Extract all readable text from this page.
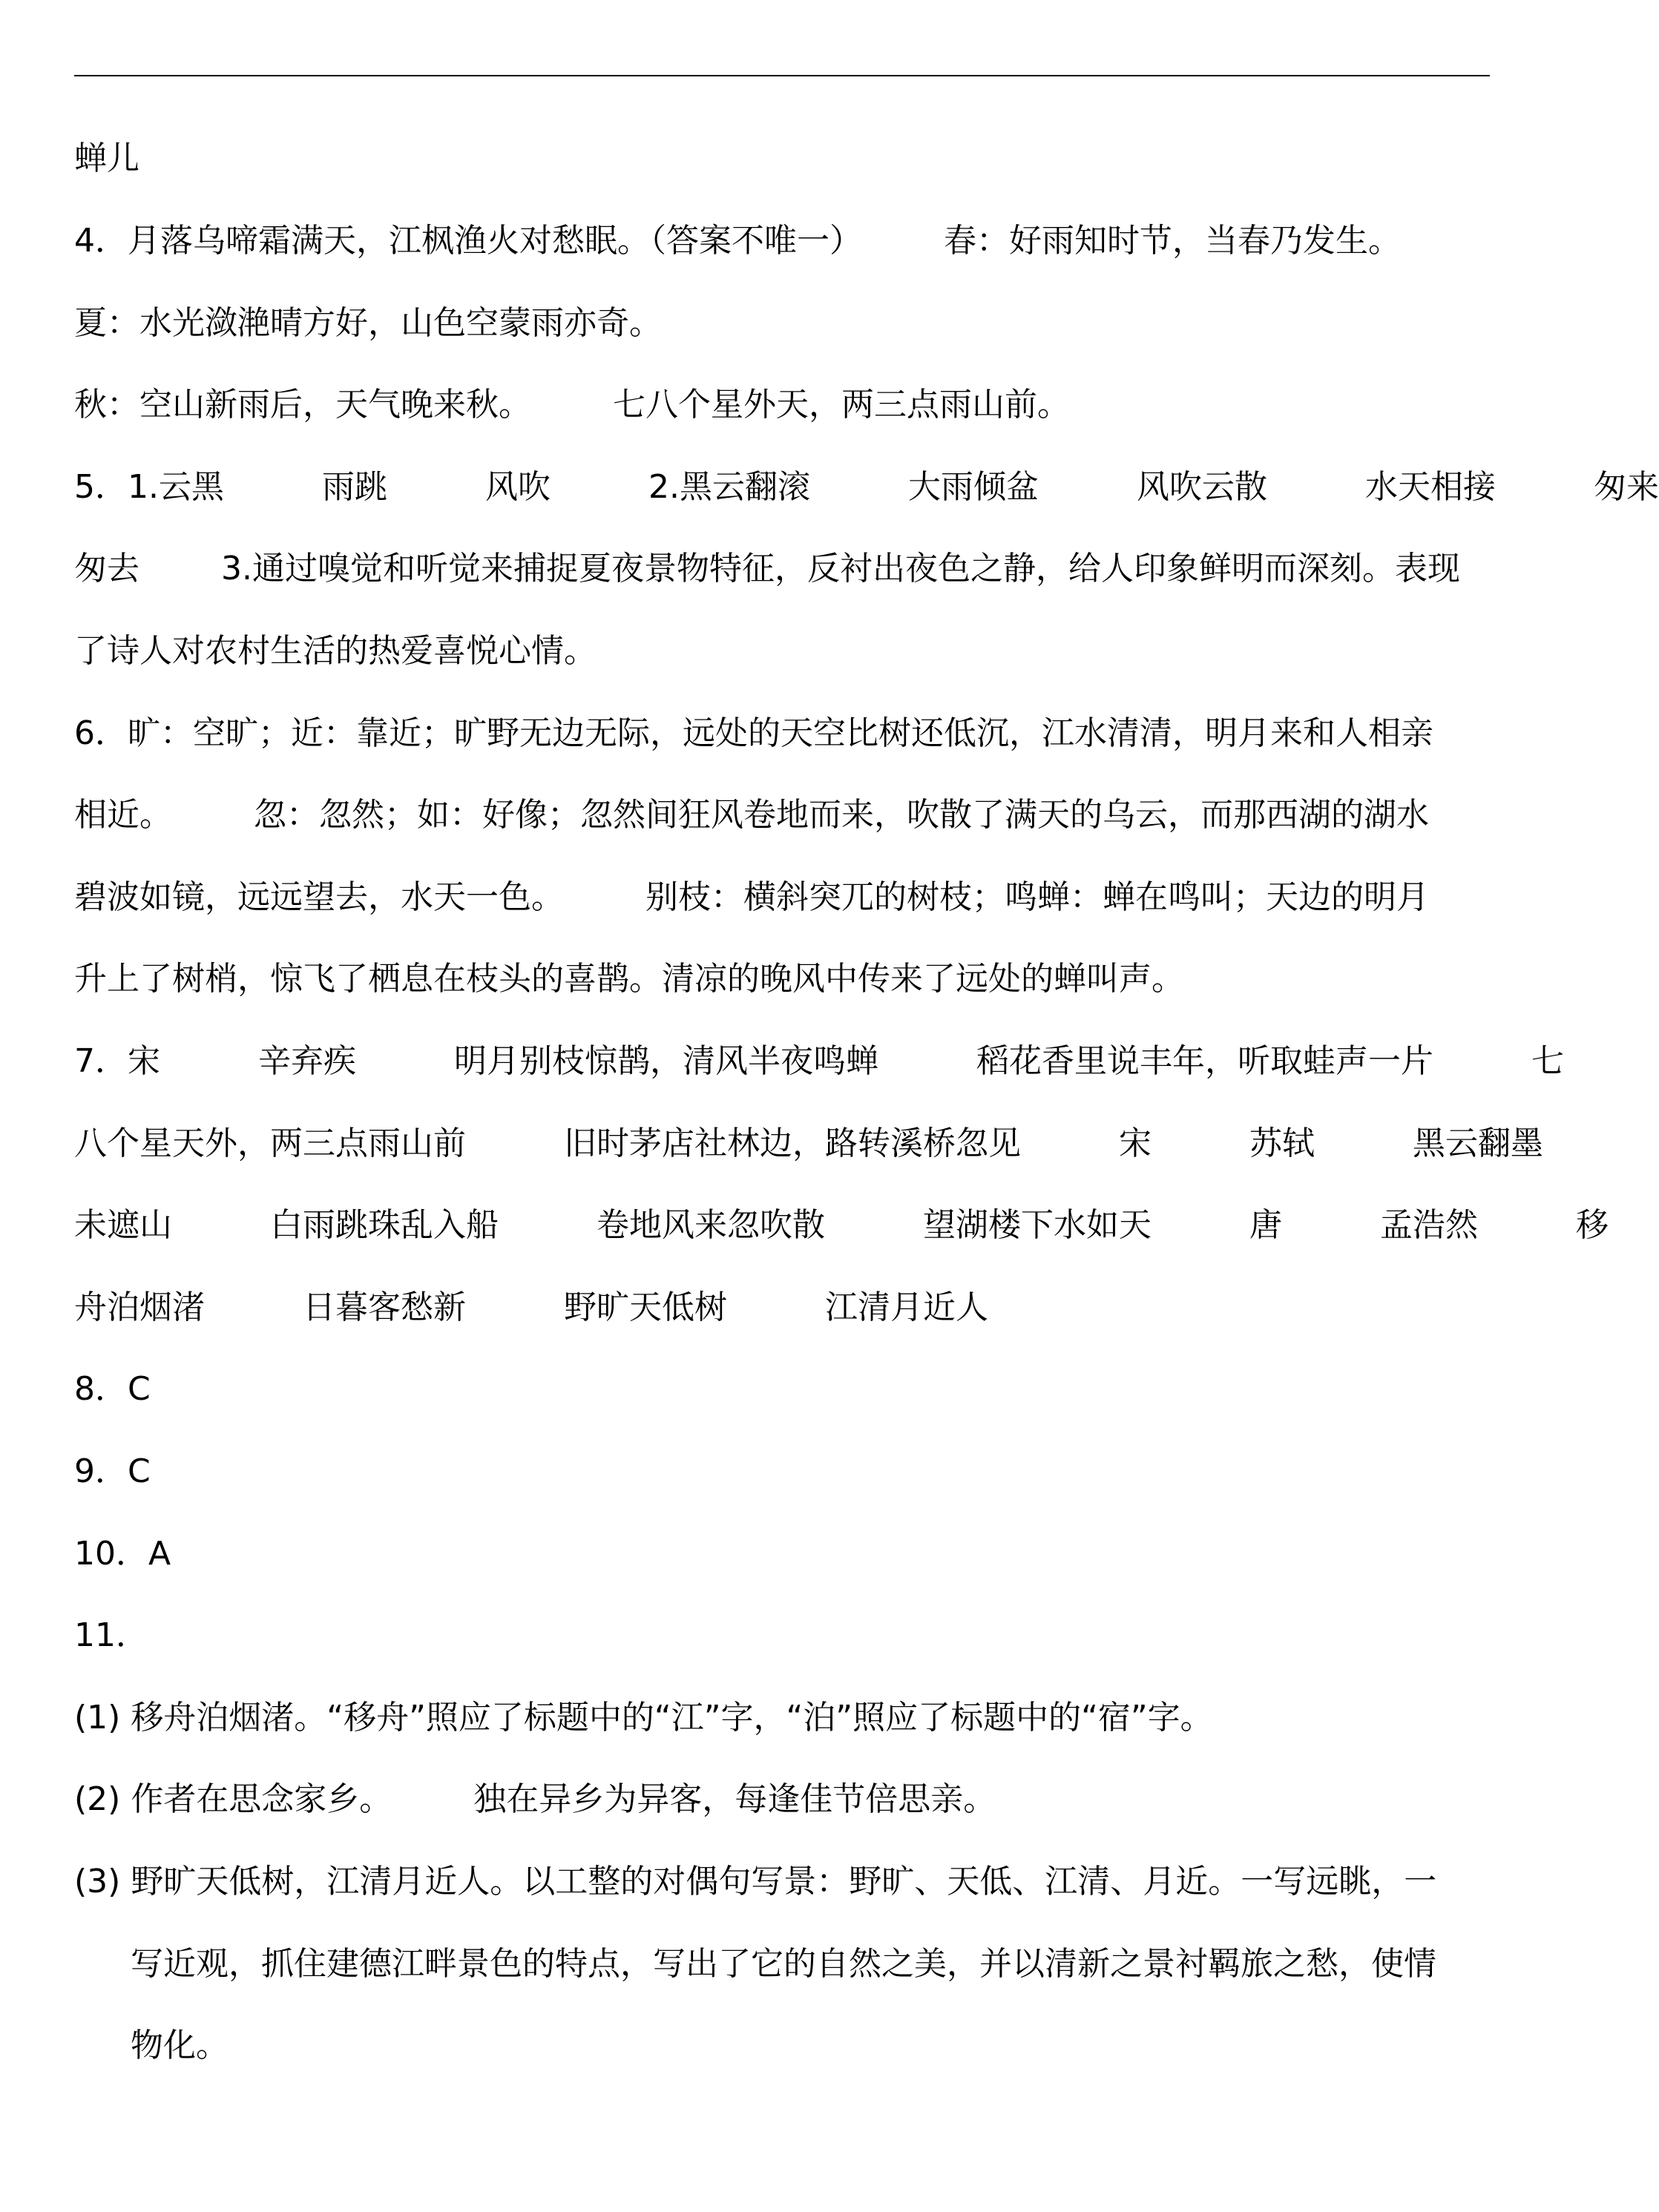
蝉儿
4．月落乌啼霜满天，江枫渔火对愁眠。（答案不唯一）	春：好雨知时节，当春乃发生。
夏：水光潋滟晴方好，山色空蒙雨亦奇。
秋：空山新雨后，天气晚来秋。	七八个星外天，两三点雨山前。
5．1.云黑　　　雨跳　　　风吹　　　2.黑云翻滚　　　大雨倾盆　　　风吹云散　　　水天相接　　　匆来
匆去	3.通过嗅觉和听觉来捕捉夏夜景物特征，反衬出夜色之静，给人印象鲜明而深刻。表现
了诗人对农村生活的热爱喜悦心情。
6．旷：空旷；近：靠近；旷野无边无际，远处的天空比树还低沉，江水清清，明月来和人相亲
相近。	忽：忽然；如：好像；忽然间狂风卷地而来，吹散了满天的乌云，而那西湖的湖水
碧波如镜，远远望去，水天一色。	别枝：横斜突兀的树枝；鸣蝉：蝉在鸣叫；天边的明月
升上了树梢，惊飞了栖息在枝头的喜鹊。清凉的晚风中传来了远处的蝉叫声。
7．宋　　　辛弃疾　　　明月别枝惊鹊，清风半夜鸣蝉　　　稻花香里说丰年，听取蛙声一片　　　七
八个星天外，两三点雨山前　　　旧时茅店社林边，路转溪桥忽见　　　宋　　　苏轼　　　黑云翻墨
未遮山　　　白雨跳珠乱入船　　　卷地风来忽吹散　　　望湖楼下水如天　　　唐　　　孟浩然　　　移
舟泊烟渚　　　日暮客愁新　　　野旷天低树　　　江清月近人
8．C
9．C
10．A
11．
(1) 移舟泊烟渚。“移舟”照应了标题中的“江”字，“泊”照应了标题中的“宿”字。
(2) 作者在思念家乡。	独在异乡为异客，每逢佳节倍思亲。
(3) 野旷天低树，江清月近人。以工整的对偶句写景：野旷、天低、江清、月近。一写远眺，一
写近观，抓住建德江畔景色的特点，写出了它的自然之美，并以清新之景衬羁旅之愁，使情
物化。
